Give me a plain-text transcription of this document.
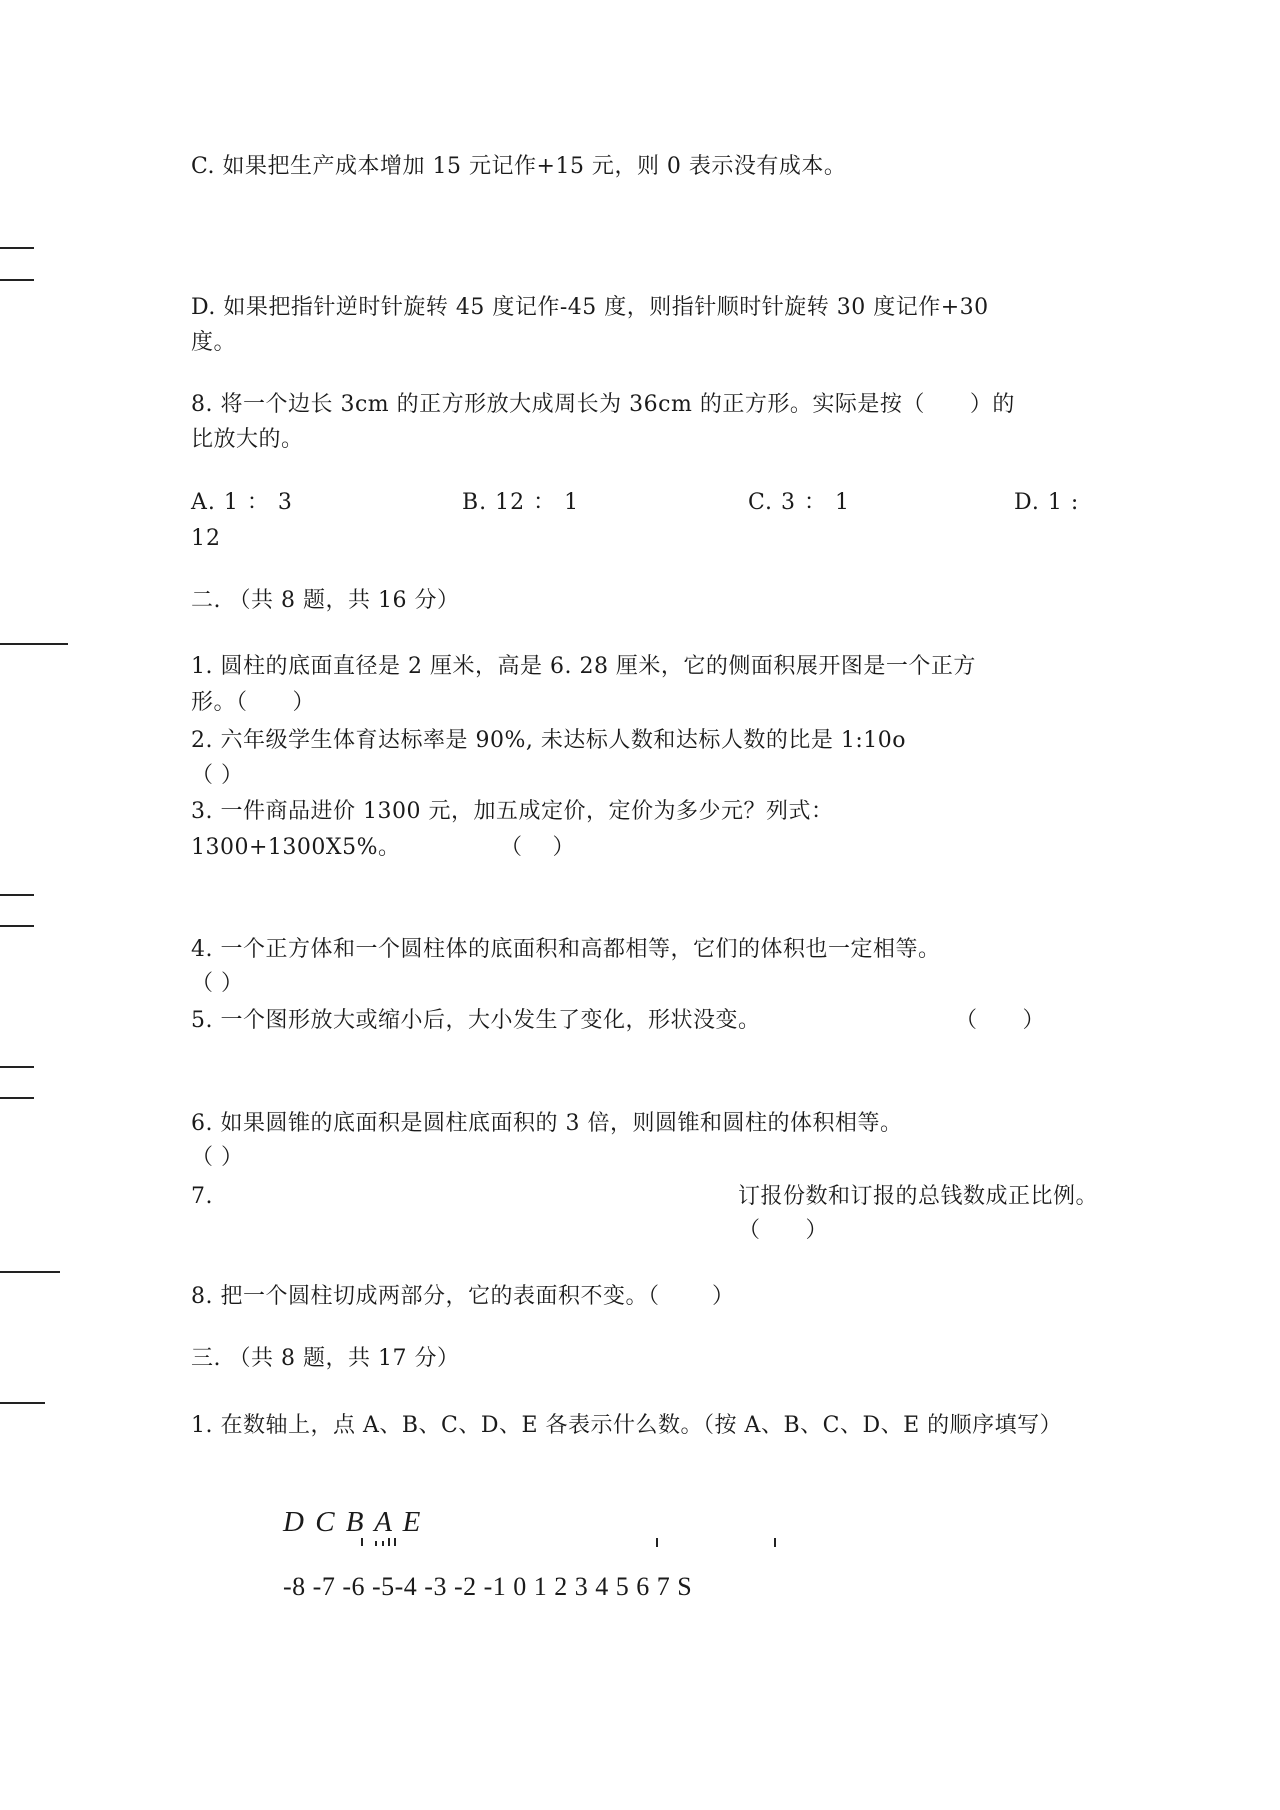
C. 如果把生产成本增加 15 元记作+15 元，则 0 表示没有成本。
D. 如果把指针逆时针旋转 45 度记作-45 度，则指针顺时针旋转 30 度记作+30
度。
8. 将一个边长 3cm 的正方形放大成周长为 36cm 的正方形。实际是按（　　）的
比放大的。
A. 1 ： 3	B. 12 ： 1	C. 3 ： 1	D. 1 :
12
二. （共 8 题，共 16 分）
1. 圆柱的底面直径是 2 厘米，高是 6. 28 厘米，它的侧面积展开图是一个正方
形。（　　）
2. 六年级学生体育达标率是 90%, 未达标人数和达标人数的比是 1:10o
（ ）
3. 一件商品进价 1300 元，加五成定价，定价为多少元？列式：
1300+1300X5%。	（　 ）
4. 一个正方体和一个圆柱体的底面积和高都相等，它们的体积也一定相等。
（ ）
5. 一个图形放大或缩小后，大小发生了变化，形状没变。	（　　）
6. 如果圆锥的底面积是圆柱底面积的 3 倍，则圆锥和圆柱的体积相等。
（ ）
7.	订报份数和订报的总钱数成正比例。
（　　）
8. 把一个圆柱切成两部分，它的表面积不变。（　　 ）
三. （共 8 题，共 17 分）
1. 在数轴上，点 A、B、C、D、E 各表示什么数。（按 A、B、C、D、E 的顺序填写）
D C B A E
-8 -7 -6 -5-4 -3 -2 -1 0 1 2 3 4 5 6 7 S
